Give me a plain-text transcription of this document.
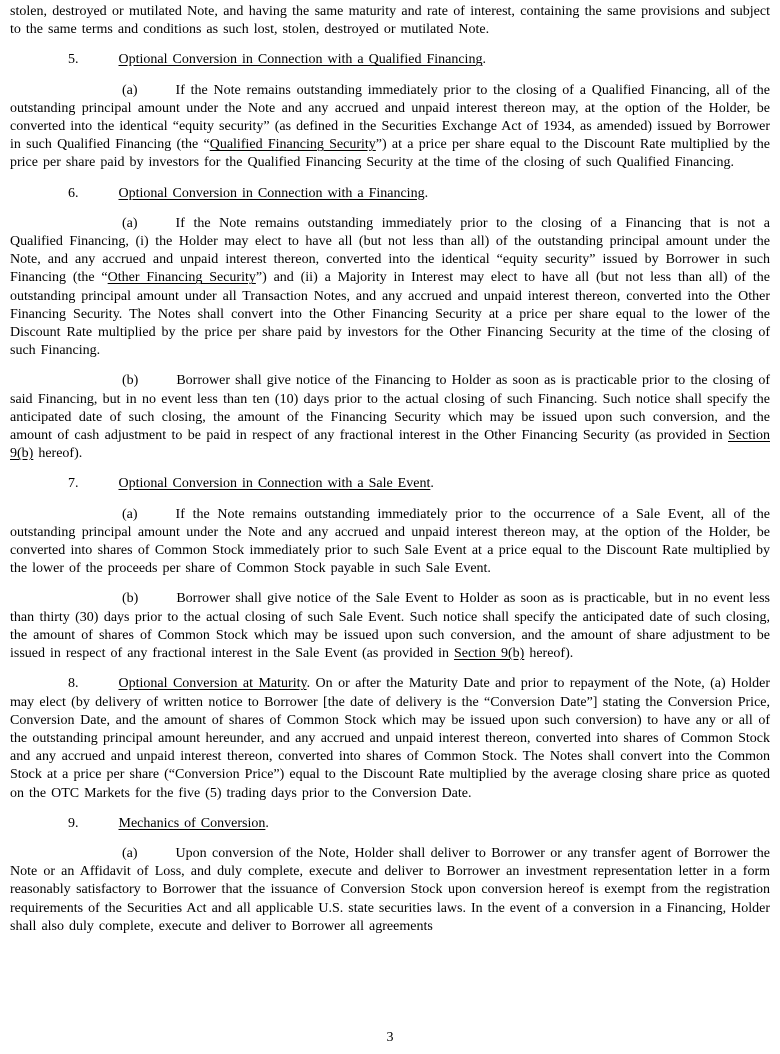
stolen, destroyed or mutilated Note, and having the same maturity and rate of interest, containing the same provisions and subject to the same terms and conditions as such lost, stolen, destroyed or mutilated Note.

5.	Optional Conversion in Connection with a Qualified Financing.

(a)	If the Note remains outstanding immediately prior to the closing of a Qualified Financing, all of the outstanding principal amount under the Note and any accrued and unpaid interest thereon may, at the option of the Holder, be converted into the identical “equity security” (as defined in the Securities Exchange Act of 1934, as amended) issued by Borrower in such Qualified Financing (the “Qualified Financing Security”) at a price per share equal to the Discount Rate multiplied by the price per share paid by investors for the Qualified Financing Security at the time of the closing of such Qualified Financing.

6.	Optional Conversion in Connection with a Financing.

(a)	If the Note remains outstanding immediately prior to the closing of a Financing that is not a Qualified Financing, (i) the Holder may elect to have all (but not less than all) of the outstanding principal amount under the Note, and any accrued and unpaid interest thereon, converted into the identical “equity security” issued by Borrower in such Financing (the “Other Financing Security”) and (ii) a Majority in Interest may elect to have all (but not less than all) of the outstanding principal amount under all Transaction Notes, and any accrued and unpaid interest thereon, converted into the Other Financing Security. The Notes shall convert into the Other Financing Security at a price per share equal to the lower of the Discount Rate multiplied by the price per share paid by investors for the Other Financing Security at the time of the closing of such Financing.

(b)	Borrower shall give notice of the Financing to Holder as soon as is practicable prior to the closing of said Financing, but in no event less than ten (10) days prior to the actual closing of such Financing. Such notice shall specify the anticipated date of such closing, the amount of the Financing Security which may be issued upon such conversion, and the amount of cash adjustment to be paid in respect of any fractional interest in the Other Financing Security (as provided in Section 9(b) hereof).

7.	Optional Conversion in Connection with a Sale Event.

(a)	If the Note remains outstanding immediately prior to the occurrence of a Sale Event, all of the outstanding principal amount under the Note and any accrued and unpaid interest thereon may, at the option of the Holder, be converted into shares of Common Stock immediately prior to such Sale Event at a price equal to the Discount Rate multiplied by the lower of the proceeds per share of Common Stock payable in such Sale Event.

(b)	Borrower shall give notice of the Sale Event to Holder as soon as is practicable, but in no event less than thirty (30) days prior to the actual closing of such Sale Event. Such notice shall specify the anticipated date of such closing, the amount of shares of Common Stock which may be issued upon such conversion, and the amount of share adjustment to be issued in respect of any fractional interest in the Sale Event (as provided in Section 9(b) hereof).

8.	Optional Conversion at Maturity. On or after the Maturity Date and prior to repayment of the Note, (a) Holder may elect (by delivery of written notice to Borrower [the date of delivery is the “Conversion Date”] stating the Conversion Price, Conversion Date, and the amount of shares of Common Stock which may be issued upon such conversion) to have any or all of the outstanding principal amount hereunder, and any accrued and unpaid interest thereon, converted into shares of Common Stock and any accrued and unpaid interest thereon, converted into shares of Common Stock. The Notes shall convert into the Common Stock at a price per share (“Conversion Price”) equal to the Discount Rate multiplied by the average closing share price as quoted on the OTC Markets for the five (5) trading days prior to the Conversion Date.

9.	Mechanics of Conversion.

(a)	Upon conversion of the Note, Holder shall deliver to Borrower or any transfer agent of Borrower the Note or an Affidavit of Loss, and duly complete, execute and deliver to Borrower an investment representation letter in a form reasonably satisfactory to Borrower that the issuance of Conversion Stock upon conversion hereof is exempt from the registration requirements of the Securities Act and all applicable U.S. state securities laws. In the event of a conversion in a Financing, Holder shall also duly complete, execute and deliver to Borrower all agreements

3
